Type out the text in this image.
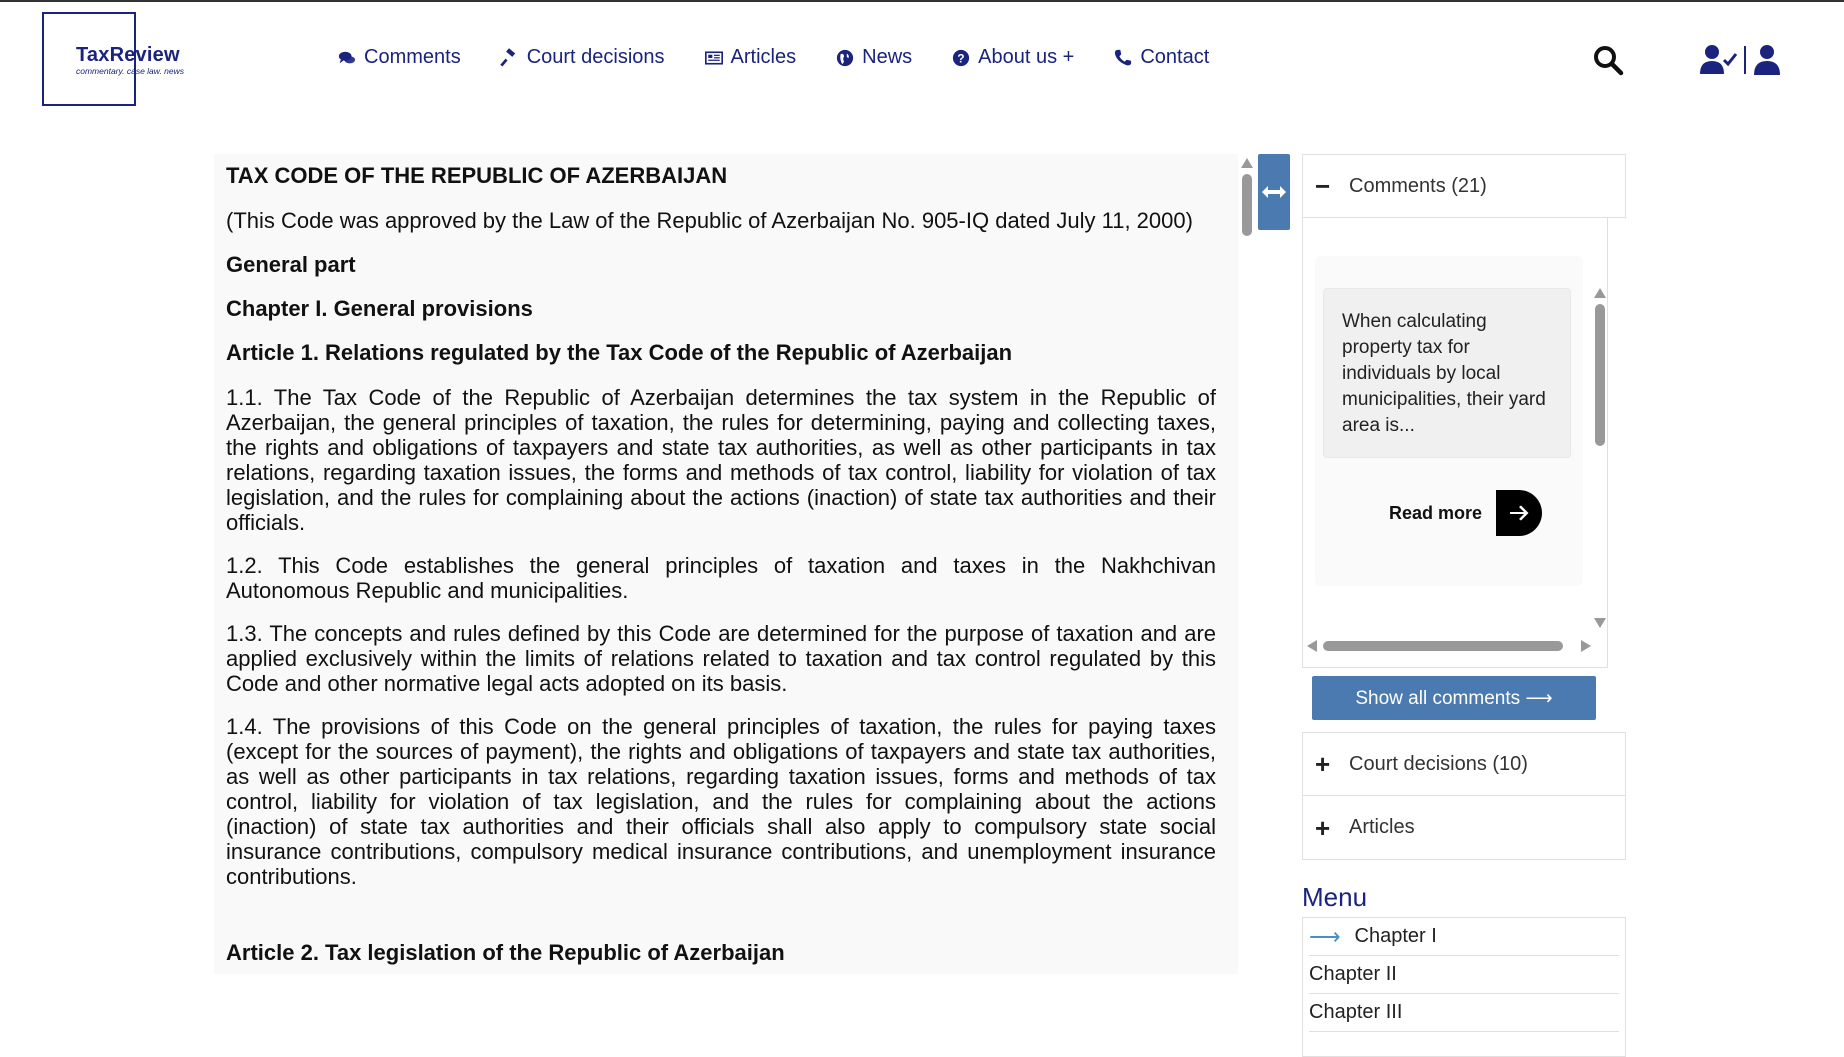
TaxReview
commentary. case law. news
Comments	Court decisions	Articles	News	? About us +	Contact
TAX CODE OF THE REPUBLIC OF AZERBAIJAN

(This Code was approved by the Law of the Republic of Azerbaijan No. 905-IQ dated July 11, 2000)

General part
Chapter I. General provisions
Article 1. Relations regulated by the Tax Code of the Republic of Azerbaijan

1.1. The Tax Code of the Republic of Azerbaijan determines the tax system in the Republic of Azerbaijan, the general principles of taxation, the rules for determining, paying and collecting taxes, the rights and obligations of taxpayers and state tax authorities, as well as other participants in tax relations, regarding taxation issues, the forms and methods of tax control, liability for violation of tax legislation, and the rules for complaining about the actions (inaction) of state tax authorities and their officials.

1.2. This Code establishes the general principles of taxation and taxes in the Nakhchivan Autonomous Republic and municipalities.

1.3. The concepts and rules defined by this Code are determined for the purpose of taxation and are applied exclusively within the limits of relations related to taxation and tax control regulated by this Code and other normative legal acts adopted on its basis.

1.4. The provisions of this Code on the general principles of taxation, the rules for paying taxes (except for the sources of payment), the rights and obligations of taxpayers and state tax authorities, as well as other participants in tax relations, regarding taxation issues, forms and methods of tax control, liability for violation of tax legislation, and the rules for complaining about the actions (inaction) of state tax authorities and their officials shall also apply to compulsory state social insurance contributions, compulsory medical insurance contributions, and unemployment insurance contributions.

Article 2. Tax legislation of the Republic of Azerbaijan
− Comments (21)
When calculating property tax for individuals by local municipalities, their yard area is...
Read more
Show all comments ⟶
+ Court decisions (10)
+ Articles
Menu
⟶ Chapter I
Chapter II
Chapter III
